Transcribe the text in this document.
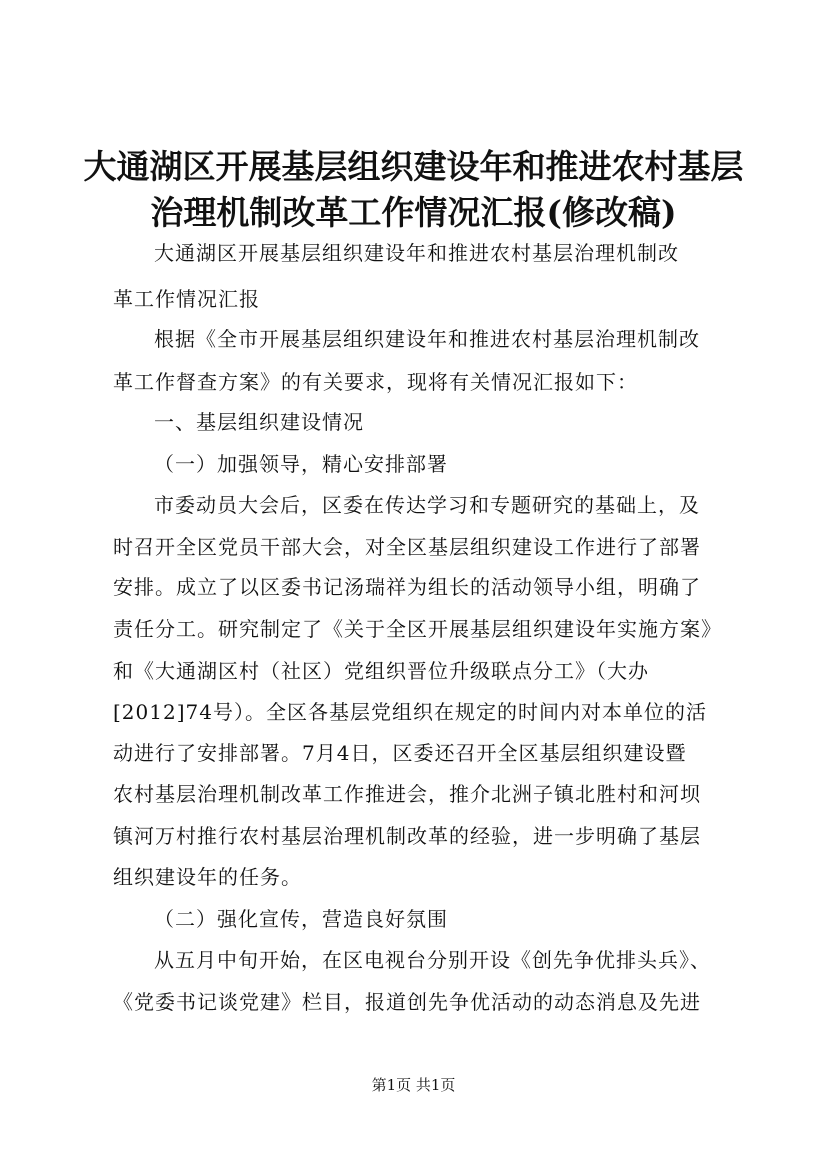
大通湖区开展基层组织建设年和推进农村基层
治理机制改革工作情况汇报(修改稿)
大通湖区开展基层组织建设年和推进农村基层治理机制改
革工作情况汇报
根据《全市开展基层组织建设年和推进农村基层治理机制改
革工作督查方案》的有关要求，现将有关情况汇报如下：
一、基层组织建设情况
（一）加强领导，精心安排部署
市委动员大会后，区委在传达学习和专题研究的基础上，及
时召开全区党员干部大会，对全区基层组织建设工作进行了部署
安排。成立了以区委书记汤瑞祥为组长的活动领导小组，明确了
责任分工。研究制定了《关于全区开展基层组织建设年实施方案》
和《大通湖区村（社区）党组织晋位升级联点分工》（大办
[2012]74号）。全区各基层党组织在规定的时间内对本单位的活
动进行了安排部署。7月4日，区委还召开全区基层组织建设暨
农村基层治理机制改革工作推进会，推介北洲子镇北胜村和河坝
镇河万村推行农村基层治理机制改革的经验，进一步明确了基层
组织建设年的任务。
（二）强化宣传，营造良好氛围
从五月中旬开始，在区电视台分别开设《创先争优排头兵》、
《党委书记谈党建》栏目，报道创先争优活动的动态消息及先进
第1页 共1页
